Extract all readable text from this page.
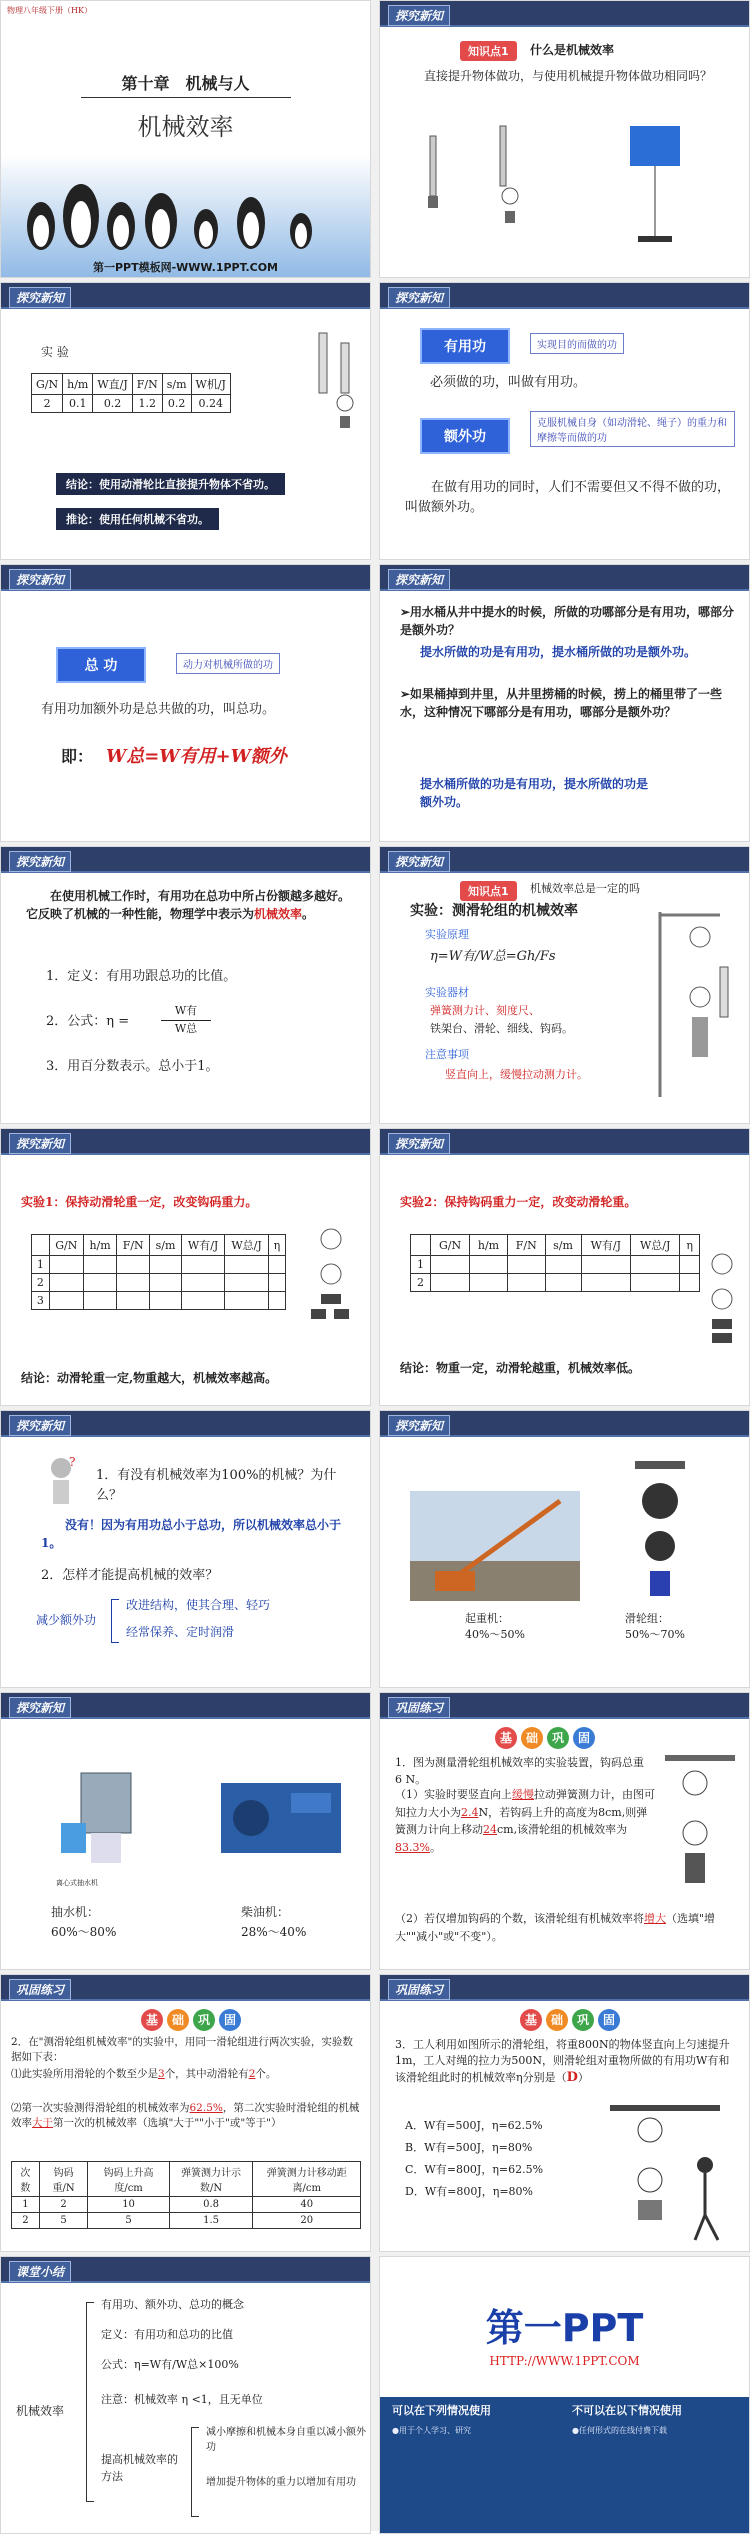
物理八年级下册（HK）
第十章　机械与人
机械效率
第一PPT模板网-WWW.1PPT.COM
探究新知
知识点1	什么是机械效率
直接提升物体做功，与使用机械提升物体做功相同吗？
探究新知
实 验
G/N	h/m	W直/J	F/N	s/m	W机/J
2	0.1	0.2	1.2	0.2	0.24
结论：使用动滑轮比直接提升物体不省功。
推论：使用任何机械不省功。
探究新知
有用功	实现目的而做的功
必须做的功，叫做有用功。
额外功
克服机械自身（如动滑轮、绳子）的重力和摩擦等而做的功
在做有用功的同时，人们不需要但又不得不做的功，叫做额外功。
探究新知
总 功	动力对机械所做的功
有用功加额外功是总共做的功，叫总功。
即： W总=W有用+W额外
探究新知
➢用水桶从井中提水的时候，所做的功哪部分是有用功，哪部分是额外功？
提水所做的功是有用功，提水桶所做的功是额外功。
➢如果桶掉到井里，从井里捞桶的时候，捞上的桶里带了一些水，这种情况下哪部分是有用功，哪部分是额外功？
提水桶所做的功是有用功，提水所做的功是额外功。
探究新知
在使用机械工作时，有用功在总功中所占份额越多越好。它反映了机械的一种性能，物理学中表示为机械效率。
1．定义：有用功跟总功的比值。
2．公式：η =
W有
W总
3．用百分数表示。总小于1。
探究新知
知识点1	机械效率总是一定的吗
实验：测滑轮组的机械效率
实验原理
η=W有/W总=Gh/Fs
实验器材
弹簧测力计、刻度尺、
铁架台、滑轮、细线、钩码。
注意事项
竖直向上，缓慢拉动测力计。
探究新知
实验1：保持动滑轮重一定，改变钩码重力。
	G/N	h/m	F/N	s/m	W有/J	W总/J	η
1							
2							
3							
结论：动滑轮重一定,物重越大，机械效率越高。
探究新知
实验2：保持钩码重力一定，改变动滑轮重。
	G/N	h/m	F/N	s/m	W有/J	W总/J	η
1							
2							
结论：物重一定，动滑轮越重，机械效率低。
探究新知
?
1．有没有机械效率为100%的机械？为什么？
没有！因为有用功总小于总功，所以机械效率总小于1。
2．怎样才能提高机械的效率？
减少额外功
改进结构，使其合理、轻巧
经常保养、定时润滑
探究新知
起重机：
40%～50%
滑轮组：
50%～70%
探究新知
离心式抽水机
抽水机：
60%～80%
柴油机：
28%～40%
巩固练习
基	础	巩	固
1．图为测量滑轮组机械效率的实验装置，钩码总重6 N。
（1）实验时要竖直向上缓慢拉动弹簧测力计，由图可知拉力大小为2.4N，若钩码上升的高度为8cm,则弹簧测力计向上移动24cm,该滑轮组的机械效率为83.3%。
（2）若仅增加钩码的个数，该滑轮组有机械效率将增大（选填"增大""减小"或"不变"）。
巩固练习
基	础	巩	固
2．在"测滑轮组机械效率"的实验中，用同一滑轮组进行两次实验，实验数据如下表：
⑴此实验所用滑轮的个数至少是3个，其中动滑轮有2个。
⑵第一次实验测得滑轮组的机械效率为62.5%，第二次实验时滑轮组的机械效率大于第一次的机械效率（选填"大于""小于"或"等于"）
次数	钩码重/N	钩码上升高度/cm	弹簧测力计示数/N	弹簧测力计移动距离/cm
1	2	10	0.8	40
2	5	5	1.5	20
巩固练习
基	础	巩	固
3．工人利用如图所示的滑轮组，将重800N的物体竖直向上匀速提升1m，工人对绳的拉力为500N，则滑轮组对重物所做的有用功W有和该滑轮组此时的机械效率η分别是（D）
A．W有=500J，η=62.5%
B．W有=500J，η=80%
C．W有=800J，η=62.5%
D．W有=800J，η=80%
课堂小结
机械效率
有用功、额外功、总功的概念
定义：有用功和总功的比值
公式：η=W有/W总×100%
注意：机械效率 η <1，且无单位
提高机械效率的方法
减小摩擦和机械本身自重以减小额外功
增加提升物体的重力以增加有用功
第一PPT
HTTP://WWW.1PPT.COM
可以在下列情况使用	不可以在以下情况使用
●用于个人学习、研究	●任何形式的在线付费下载
